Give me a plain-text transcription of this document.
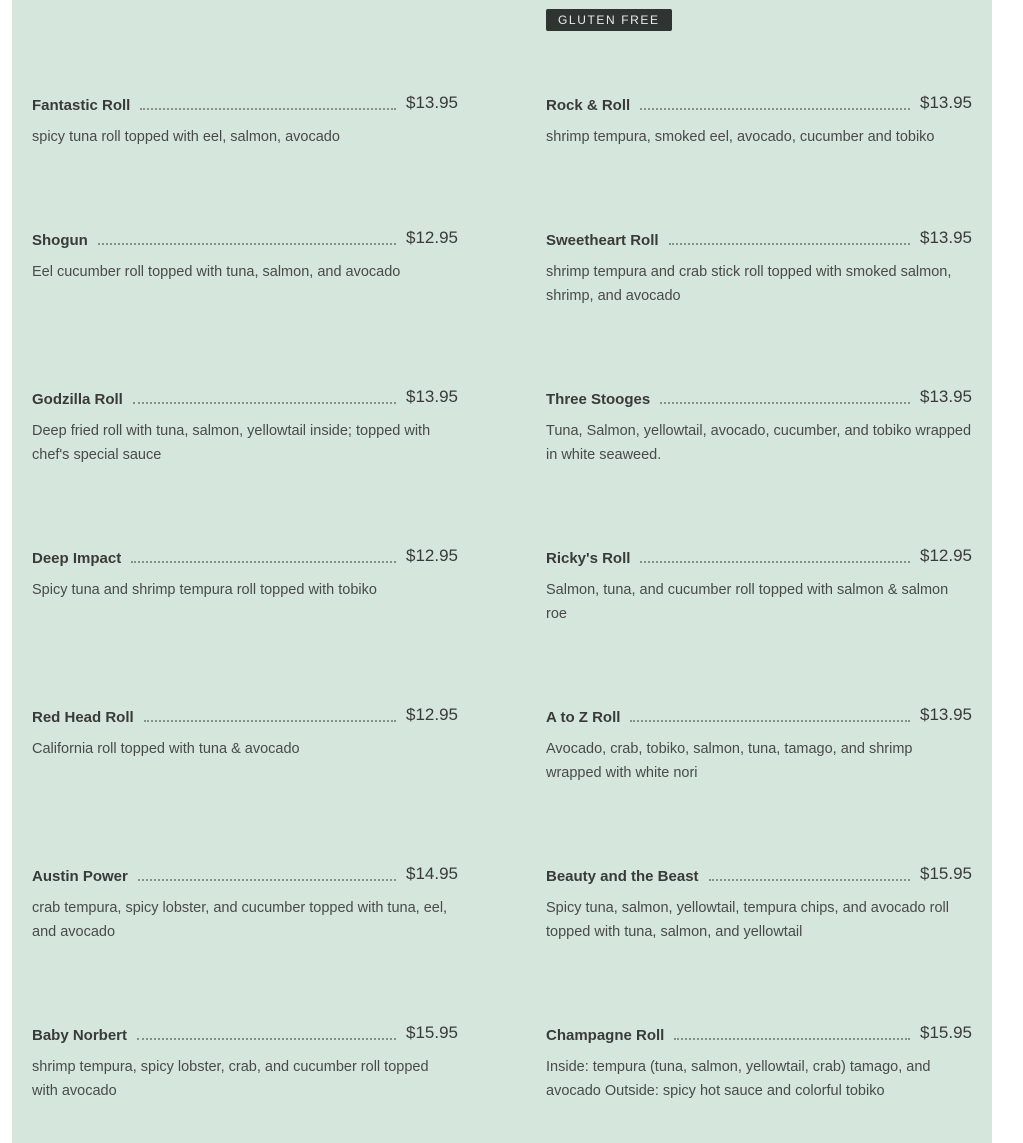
GLUTEN FREE
Fantastic Roll	$13.95
spicy tuna roll topped with eel, salmon, avocado
Shogun	$12.95
Eel cucumber roll topped with tuna, salmon, and avocado
Godzilla Roll	$13.95
Deep fried roll with tuna, salmon, yellowtail inside; topped with chef's special sauce
Deep Impact	$12.95
Spicy tuna and shrimp tempura roll topped with tobiko
Red Head Roll	$12.95
California roll topped with tuna & avocado
Austin Power	$14.95
crab tempura, spicy lobster, and cucumber topped with tuna, eel, and avocado
Baby Norbert	$15.95
shrimp tempura, spicy lobster, crab, and cucumber roll topped with avocado
Rock & Roll	$13.95
shrimp tempura, smoked eel, avocado, cucumber and tobiko
Sweetheart Roll	$13.95
shrimp tempura and crab stick roll topped with smoked salmon, shrimp, and avocado
Three Stooges	$13.95
Tuna, Salmon, yellowtail, avocado, cucumber, and tobiko wrapped in white seaweed.
Ricky's Roll	$12.95
Salmon, tuna, and cucumber roll topped with salmon & salmon roe
A to Z Roll	$13.95
Avocado, crab, tobiko, salmon, tuna, tamago, and shrimp wrapped with white nori
Beauty and the Beast	$15.95
Spicy tuna, salmon, yellowtail, tempura chips, and avocado roll topped with tuna, salmon, and yellowtail
Champagne Roll	$15.95
Inside: tempura (tuna, salmon, yellowtail, crab) tamago, and avocado Outside: spicy hot sauce and colorful tobiko
